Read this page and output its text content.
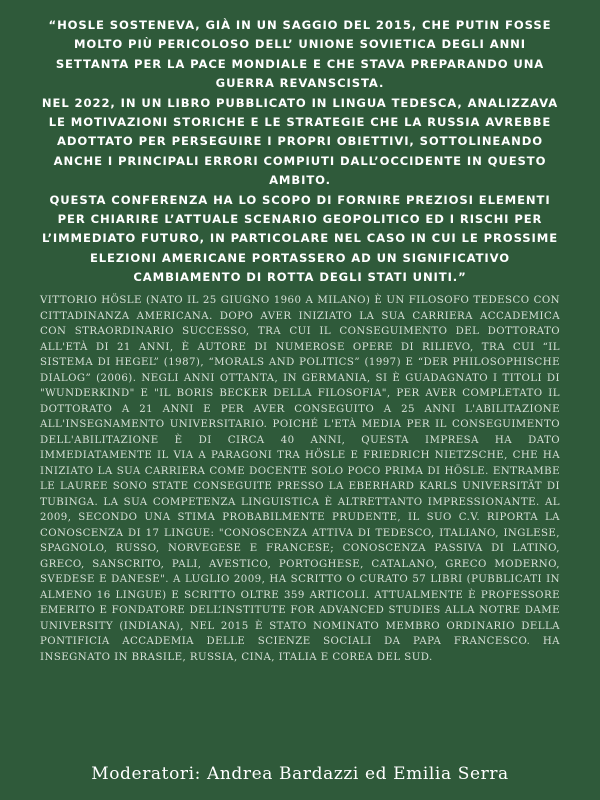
“HOSLE SOSTENEVA, GIÀ IN UN SAGGIO DEL 2015, CHE PUTIN FOSSE MOLTO PIÙ PERICOLOSO DELL’ UNIONE SOVIETICA DEGLI ANNI SETTANTA PER LA PACE MONDIALE E CHE STAVA PREPARANDO UNA GUERRA REVANSCISTA.

NEL 2022, IN UN LIBRO PUBBLICATO IN LINGUA TEDESCA, ANALIZZAVA LE MOTIVAZIONI STORICHE E LE STRATEGIE CHE LA RUSSIA AVREBBE ADOTTATO PER PERSEGUIRE I PROPRI OBIETTIVI, SOTTOLINEANDO ANCHE I PRINCIPALI ERRORI COMPIUTI DALL’OCCIDENTE IN QUESTO AMBITO.

QUESTA CONFERENZA HA LO SCOPO DI FORNIRE PREZIOSI ELEMENTI PER CHIARIRE L’ATTUALE SCENARIO GEOPOLITICO ED I RISCHI PER L’IMMEDIATO FUTURO, IN PARTICOLARE NEL CASO IN CUI LE PROSSIME ELEZIONI AMERICANE PORTASSERO AD UN SIGNIFICATIVO CAMBIAMENTO DI ROTTA DEGLI STATI UNITI.”

VITTORIO HÖSLE (NATO IL 25 GIUGNO 1960 A MILANO) È UN FILOSOFO TEDESCO CON CITTADINANZA AMERICANA. DOPO AVER INIZIATO LA SUA CARRIERA ACCADEMICA CON STRAORDINARIO SUCCESSO, TRA CUI IL CONSEGUIMENTO DEL DOTTORATO ALL'ETÀ DI 21 ANNI, È AUTORE DI NUMEROSE OPERE DI RILIEVO, TRA CUI “IL SISTEMA DI HEGEL” (1987), “MORALS AND POLITICS” (1997) E “DER PHILOSOPHISCHE DIALOG” (2006). NEGLI ANNI OTTANTA, IN GERMANIA, SI È GUADAGNATO I TITOLI DI "WUNDERKIND" E "IL BORIS BECKER DELLA FILOSOFIA", PER AVER COMPLETATO IL DOTTORATO A 21 ANNI E PER AVER CONSEGUITO A 25 ANNI L'ABILITAZIONE ALL'INSEGNAMENTO UNIVERSITARIO. POICHÉ L'ETÀ MEDIA PER IL CONSEGUIMENTO DELL'ABILITAZIONE È DI CIRCA 40 ANNI, QUESTA IMPRESA HA DATO IMMEDIATAMENTE IL VIA A PARAGONI TRA HÖSLE E FRIEDRICH NIETZSCHE, CHE HA INIZIATO LA SUA CARRIERA COME DOCENTE SOLO POCO PRIMA DI HÖSLE. ENTRAMBE LE LAUREE SONO STATE CONSEGUITE PRESSO LA EBERHARD KARLS UNIVERSITÄT DI TUBINGA. LA SUA COMPETENZA LINGUISTICA È ALTRETTANTO IMPRESSIONANTE. AL 2009, SECONDO UNA STIMA PROBABILMENTE PRUDENTE, IL SUO C.V. RIPORTA LA CONOSCENZA DI 17 LINGUE: "CONOSCENZA ATTIVA DI TEDESCO, ITALIANO, INGLESE, SPAGNOLO, RUSSO, NORVEGESE E FRANCESE; CONOSCENZA PASSIVA DI LATINO, GRECO, SANSCRITO, PALI, AVESTICO, PORTOGHESE, CATALANO, GRECO MODERNO, SVEDESE E DANESE". A LUGLIO 2009, HA SCRITTO O CURATO 57 LIBRI (PUBBLICATI IN ALMENO 16 LINGUE) E SCRITTO OLTRE 359 ARTICOLI. ATTUALMENTE È PROFESSORE EMERITO E FONDATORE DELL’INSTITUTE FOR ADVANCED STUDIES ALLA NOTRE DAME UNIVERSITY (INDIANA), NEL 2015 È STATO NOMINATO MEMBRO ORDINARIO DELLA PONTIFICIA ACCADEMIA DELLE SCIENZE SOCIALI DA PAPA FRANCESCO. HA INSEGNATO IN BRASILE, RUSSIA, CINA, ITALIA E COREA DEL SUD.

Moderatori: Andrea Bardazzi ed Emilia Serra
